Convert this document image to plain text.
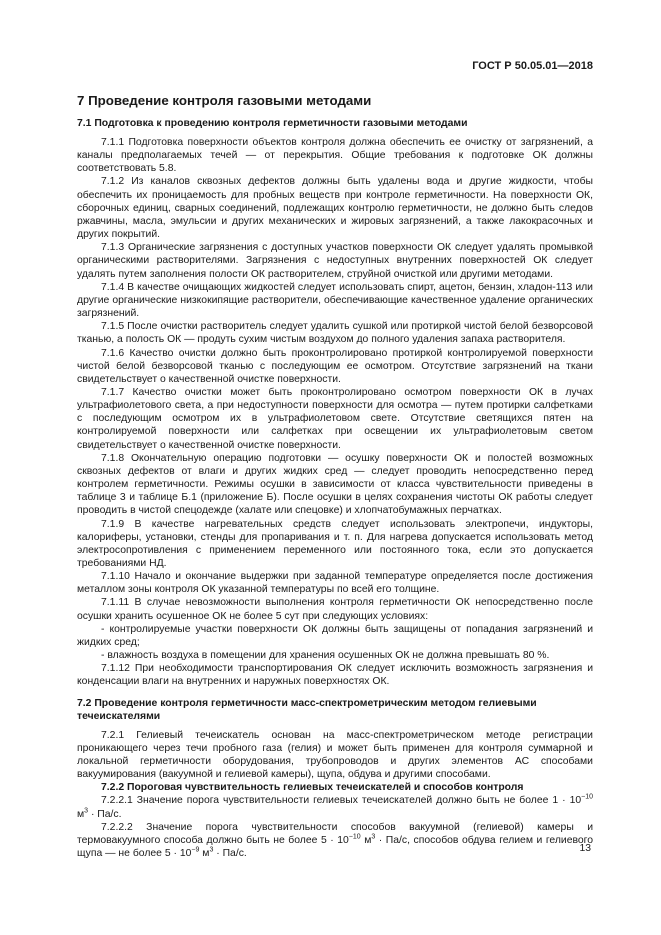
ГОСТ Р 50.05.01—2018
7 Проведение контроля газовыми методами
7.1 Подготовка к проведению контроля герметичности газовыми методами

7.1.1 Подготовка поверхности объектов контроля должна обеспечить ее очистку от загрязнений, а каналы предполагаемых течей — от перекрытия. Общие требования к подготовке ОК должны соответствовать 5.8.

7.1.2 Из каналов сквозных дефектов должны быть удалены вода и другие жидкости, чтобы обеспечить их проницаемость для пробных веществ при контроле герметичности. На поверхности ОК, сборочных единиц, сварных соединений, подлежащих контролю герметичности, не должно быть следов ржавчины, масла, эмульсии и других механических и жировых загрязнений, а также лакокрасочных и других покрытий.

7.1.3 Органические загрязнения с доступных участков поверхности ОК следует удалять промывкой органическими растворителями. Загрязнения с недоступных внутренних поверхностей ОК следует удалять путем заполнения полости ОК растворителем, струйной очисткой или другими методами.

7.1.4 В качестве очищающих жидкостей следует использовать спирт, ацетон, бензин, хладон-113 или другие органические низкокипящие растворители, обеспечивающие качественное удаление органических загрязнений.

7.1.5 После очистки растворитель следует удалить сушкой или протиркой чистой белой безворсовой тканью, а полость ОК — продуть сухим чистым воздухом до полного удаления запаха растворителя.

7.1.6 Качество очистки должно быть проконтролировано протиркой контролируемой поверхности чистой белой безворсовой тканью с последующим ее осмотром. Отсутствие загрязнений на ткани свидетельствует о качественной очистке поверхности.

7.1.7 Качество очистки может быть проконтролировано осмотром поверхности ОК в лучах ультрафиолетового света, а при недоступности поверхности для осмотра — путем протирки салфетками с последующим осмотром их в ультрафиолетовом свете. Отсутствие светящихся пятен на контролируемой поверхности или салфетках при освещении их ультрафиолетовым светом свидетельствует о качественной очистке поверхности.

7.1.8 Окончательную операцию подготовки — осушку поверхности ОК и полостей возможных сквозных дефектов от влаги и других жидких сред — следует проводить непосредственно перед контролем герметичности. Режимы осушки в зависимости от класса чувствительности приведены в таблице 3 и таблице Б.1 (приложение Б). После осушки в целях сохранения чистоты ОК работы следует проводить в чистой спецодежде (халате или спецовке) и хлопчатобумажных перчатках.

7.1.9 В качестве нагревательных средств следует использовать электропечи, индукторы, калориферы, установки, стенды для пропаривания и т. п. Для нагрева допускается использовать метод электросопротивления с применением переменного или постоянного тока, если это допускается требованиями НД.

7.1.10 Начало и окончание выдержки при заданной температуре определяется после достижения металлом зоны контроля ОК указанной температуры по всей его толщине.

7.1.11 В случае невозможности выполнения контроля герметичности ОК непосредственно после осушки хранить осушенное ОК не более 5 сут при следующих условиях:

- контролируемые участки поверхности ОК должны быть защищены от попадания загрязнений и жидких сред;

- влажность воздуха в помещении для хранения осушенных ОК не должна превышать 80 %.

7.1.12 При необходимости транспортирования ОК следует исключить возможность загрязнения и конденсации влаги на внутренних и наружных поверхностях ОК.

7.2 Проведение контроля герметичности масс-спектрометрическим методом гелиевыми течеискателями

7.2.1 Гелиевый течеискатель основан на масс-спектрометрическом методе регистрации проникающего через течи пробного газа (гелия) и может быть применен для контроля суммарной и локальной герметичности оборудования, трубопроводов и других элементов АС способами вакуумирования (вакуумной и гелиевой камеры), щупа, обдува и другими способами.

7.2.2 Пороговая чувствительность гелиевых течеискателей и способов контроля

7.2.2.1 Значение порога чувствительности гелиевых течеискателей должно быть не более $1 \cdot 10^{-10}$ $м^3 \cdot Па/с$.

7.2.2.2 Значение порога чувствительности способов вакуумной (гелиевой) камеры и термовакуумного способа должно быть не более $5 \cdot 10^{-10}$ $м^3 \cdot Па/с$, способов обдува гелием и гелиевого щупа — не более $5 \cdot 10^{-9}$ $м^3 \cdot Па/с$.	13
